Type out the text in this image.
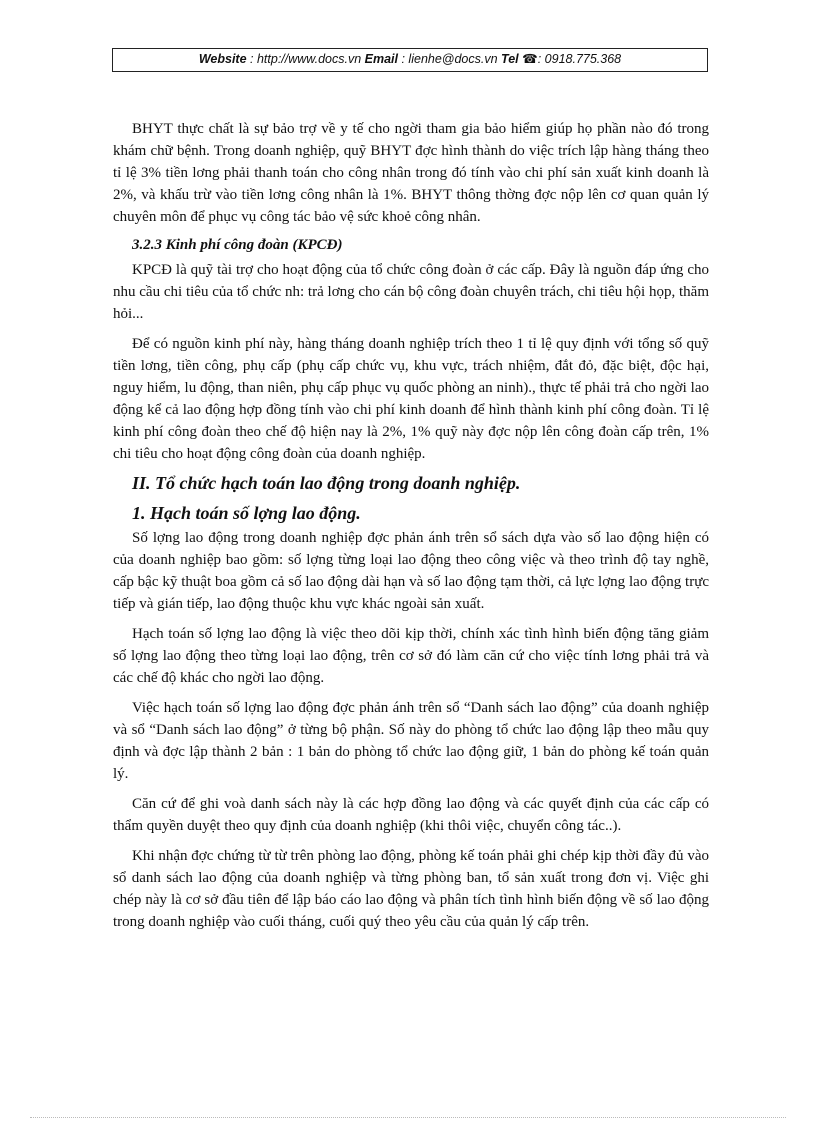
Website : http://www.docs.vn Email : lienhe@docs.vn Tel ☎: 0918.775.368

BHYT thực chất là sự bảo trợ về y tế cho ngời tham gia bảo hiểm giúp họ phần nào đó trong khám chữ bệnh. Trong doanh nghiệp, quỹ BHYT đợc hình thành do việc trích lập hàng tháng theo tỉ lệ 3% tiền lơng phải thanh toán cho công nhân trong đó tính vào chi phí sản xuất kinh doanh là 2%, và khấu trừ vào tiền lơng công nhân là 1%. BHYT thông thờng đợc nộp lên cơ quan quản lý chuyên môn để phục vụ công tác bảo vệ sức khoẻ công nhân.

3.2.3 Kinh phí công đoàn (KPCĐ)

KPCĐ là quỹ tài trợ cho hoạt động của tổ chức công đoàn ở các cấp. Đây là nguồn đáp ứng cho nhu cầu chi tiêu của tổ chức nh: trả lơng cho cán bộ công đoàn chuyên trách, chi tiêu hội họp, thăm hỏi...

Để có nguồn kinh phí này, hàng tháng doanh nghiệp trích theo 1 tỉ lệ quy định với tổng số quỹ tiền lơng, tiền công, phụ cấp (phụ cấp chức vụ, khu vực, trách nhiệm, đắt đỏ, đặc biệt, độc hại, nguy hiểm, lu động, than niên, phụ cấp phục vụ quốc phòng an ninh)., thực tế phải trả cho ngời lao động kể cả lao động hợp đồng tính vào chi phí kinh doanh để hình thành kinh phí công đoàn. Tỉ lệ kinh phí công đoàn theo chế độ hiện nay là 2%, 1% quỹ này đợc nộp lên công đoàn cấp trên, 1% chi tiêu cho hoạt động công đoàn của doanh nghiệp.

II. Tổ chức hạch toán lao động trong doanh nghiệp.
1. Hạch toán số lợng lao động.

Số lợng lao động trong doanh nghiệp đợc phản ánh trên sổ sách dựa vào số lao động hiện có của doanh nghiệp bao gồm: số lợng từng loại lao động theo công việc và theo trình độ tay nghề, cấp bậc kỹ thuật boa gồm cả số lao động dài hạn và số lao động tạm thời, cả lực lợng lao động trực tiếp và gián tiếp, lao động thuộc khu vực khác ngoài sản xuất.

Hạch toán số lợng lao động là việc theo dõi kịp thời, chính xác tình hình biến động tăng giảm số lợng lao động theo từng loại lao động, trên cơ sở đó làm căn cứ cho việc tính lơng phải trả và các chế độ khác cho ngời lao động.

Việc hạch toán số lợng lao động đợc phản ánh trên sổ “Danh sách lao động” của doanh nghiệp và sổ “Danh sách lao động” ở từng bộ phận. Số này do phòng tổ chức lao động lập theo mẫu quy định và đợc lập thành 2 bản : 1 bản do phòng tổ chức lao động giữ, 1 bản do phòng kế toán quản lý.

Căn cứ để ghi voà danh sách này là các hợp đồng lao động và các quyết định của các cấp có thẩm quyền duyệt theo quy định của doanh nghiệp (khi thôi việc, chuyển công tác..).

Khi nhận đợc chứng từ từ trên phòng lao động, phòng kế toán phải ghi chép kịp thời đầy đủ vào sổ danh sách lao động của doanh nghiệp và từng phòng ban, tổ sản xuất trong đơn vị. Việc ghi chép này là cơ sở đầu tiên để lập báo cáo lao động và phân tích tình hình biến động về số lao động trong doanh nghiệp vào cuối tháng, cuối quý theo yêu cầu của quản lý cấp trên.
